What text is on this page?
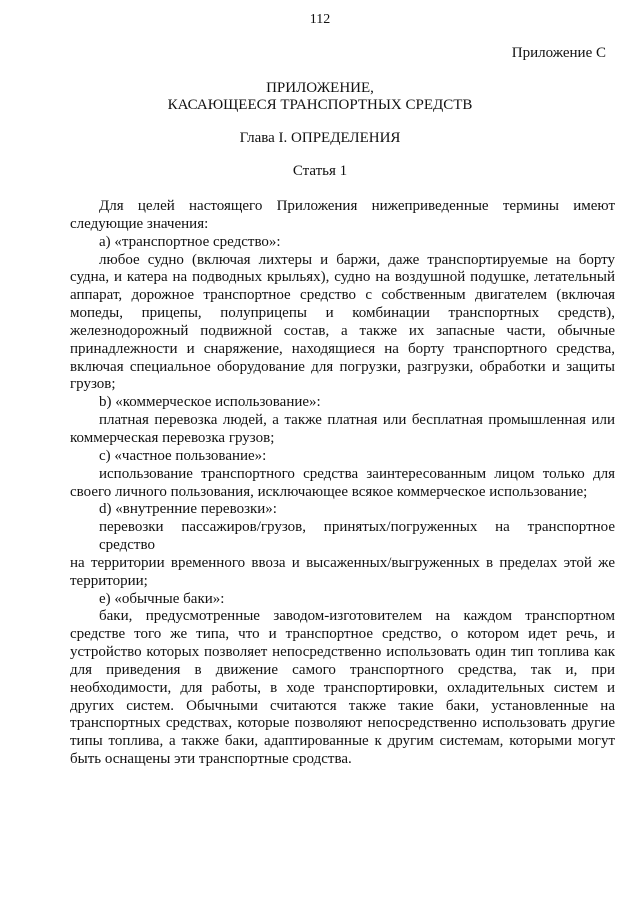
112
Приложение С
ПРИЛОЖЕНИЕ,
КАСАЮЩЕЕСЯ ТРАНСПОРТНЫХ СРЕДСТВ
Глава I. ОПРЕДЕЛЕНИЯ
Статья 1
Для целей настоящего Приложения нижеприведенные термины имеют
следующие значения:
a) «транспортное средство»:
любое судно (включая лихтеры и баржи, даже транспортируемые на борту
судна, и катера на подводных крыльях), судно на воздушной подушке, летательный
аппарат, дорожное транспортное средство с собственным двигателем (включая
мопеды, прицепы, полуприцепы и комбинации транспортных средств),
железнодорожный подвижной состав, а также их запасные части, обычные
принадлежности и снаряжение, находящиеся на борту транспортного средства,
включая специальное оборудование для погрузки, разгрузки, обработки и защиты
грузов;
b) «коммерческое использование»:
платная перевозка людей, а также платная или бесплатная промышленная или
коммерческая перевозка грузов;
c) «частное пользование»:
использование транспортного средства заинтересованным лицом только для
своего личного пользования, исключающее всякое коммерческое использование;
d) «внутренние перевозки»:
перевозки пассажиров/грузов, принятых/погруженных на транспортное средство
на территории временного ввоза и высаженных/выгруженных в пределах этой же
территории;
e) «обычные баки»:
баки, предусмотренные заводом-изготовителем на каждом транспортном
средстве того же типа, что и транспортное средство, о котором идет речь, и
устройство которых позволяет непосредственно использовать один тип топлива как
для приведения в движение самого транспортного средства, так и, при
необходимости, для работы, в ходе транспортировки, охладительных систем и
других систем. Обычными считаются также такие баки, установленные на
транспортных средствах, которые позволяют непосредственно использовать другие
типы топлива, а также баки, адаптированные к другим системам, которыми могут
быть оснащены эти транспортные сродства.
